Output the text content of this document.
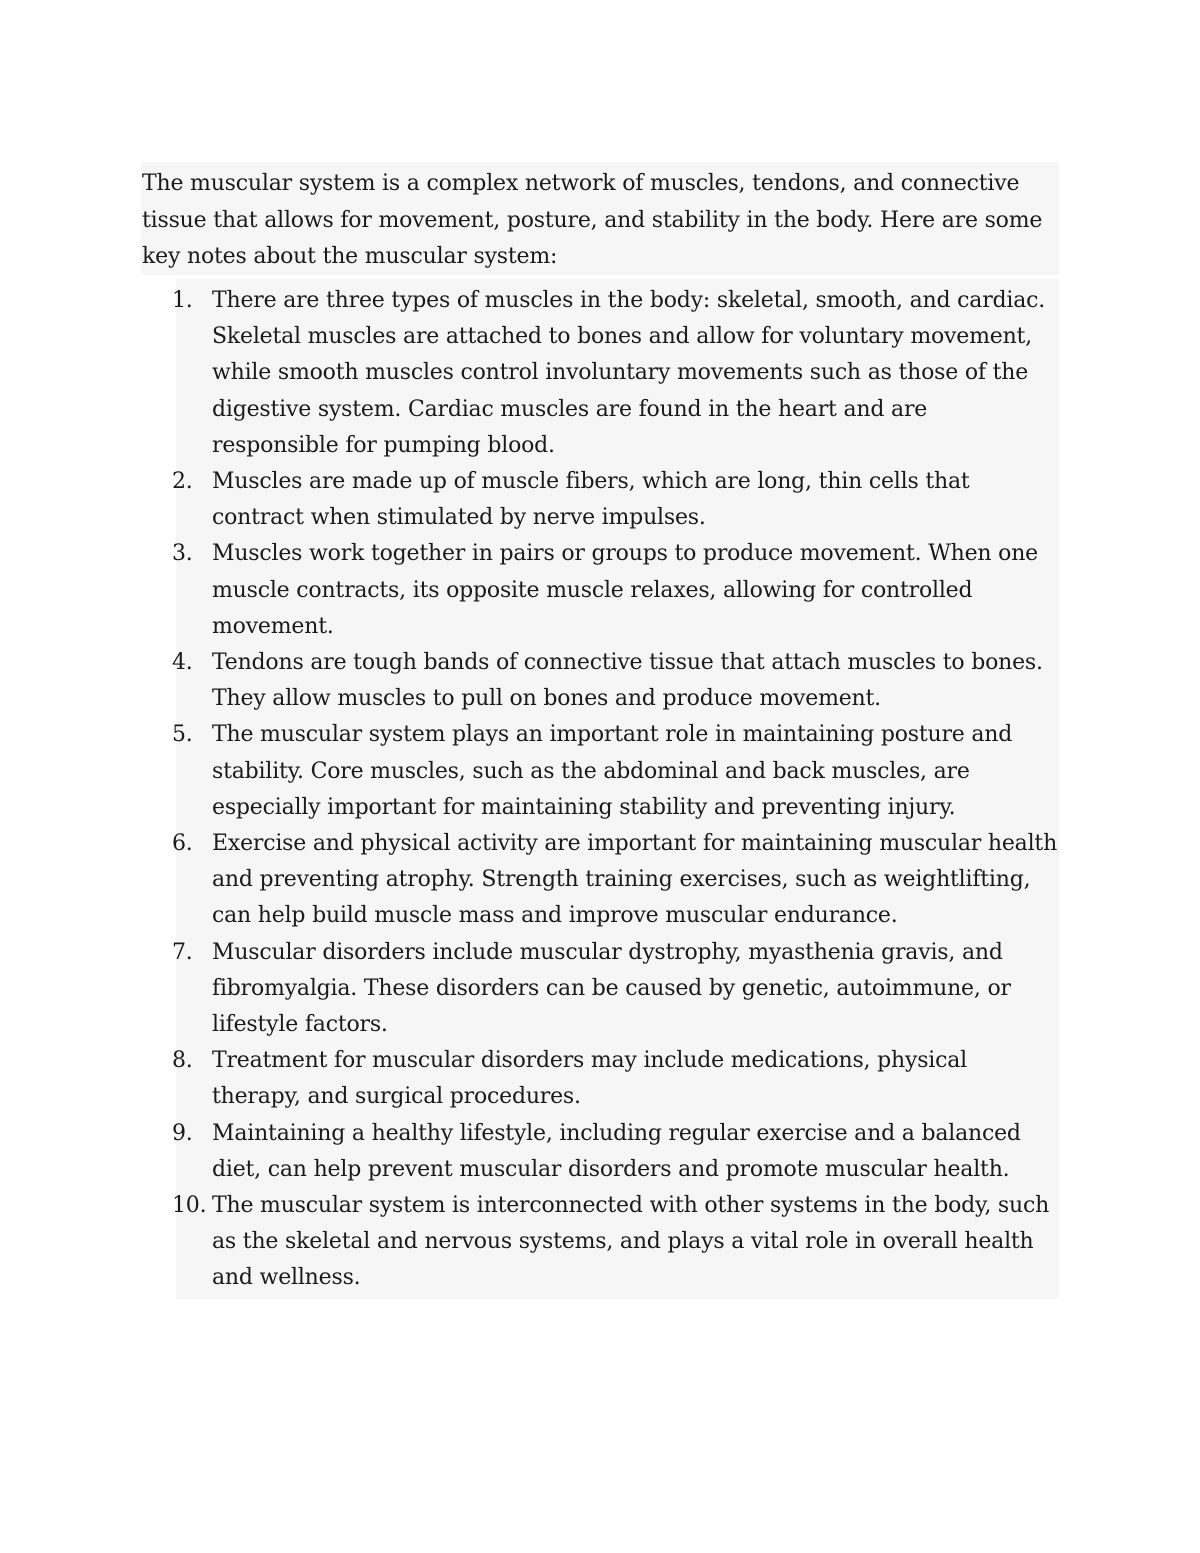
The muscular system is a complex network of muscles, tendons, and connective tissue that allows for movement, posture, and stability in the body. Here are some key notes about the muscular system:

1. There are three types of muscles in the body: skeletal, smooth, and cardiac. Skeletal muscles are attached to bones and allow for voluntary movement, while smooth muscles control involuntary movements such as those of the digestive system. Cardiac muscles are found in the heart and are responsible for pumping blood.
2. Muscles are made up of muscle fibers, which are long, thin cells that contract when stimulated by nerve impulses.
3. Muscles work together in pairs or groups to produce movement. When one muscle contracts, its opposite muscle relaxes, allowing for controlled movement.
4. Tendons are tough bands of connective tissue that attach muscles to bones. They allow muscles to pull on bones and produce movement.
5. The muscular system plays an important role in maintaining posture and stability. Core muscles, such as the abdominal and back muscles, are especially important for maintaining stability and preventing injury.
6. Exercise and physical activity are important for maintaining muscular health and preventing atrophy. Strength training exercises, such as weightlifting, can help build muscle mass and improve muscular endurance.
7. Muscular disorders include muscular dystrophy, myasthenia gravis, and fibromyalgia. These disorders can be caused by genetic, autoimmune, or lifestyle factors.
8. Treatment for muscular disorders may include medications, physical therapy, and surgical procedures.
9. Maintaining a healthy lifestyle, including regular exercise and a balanced diet, can help prevent muscular disorders and promote muscular health.
10. The muscular system is interconnected with other systems in the body, such as the skeletal and nervous systems, and plays a vital role in overall health and wellness.
